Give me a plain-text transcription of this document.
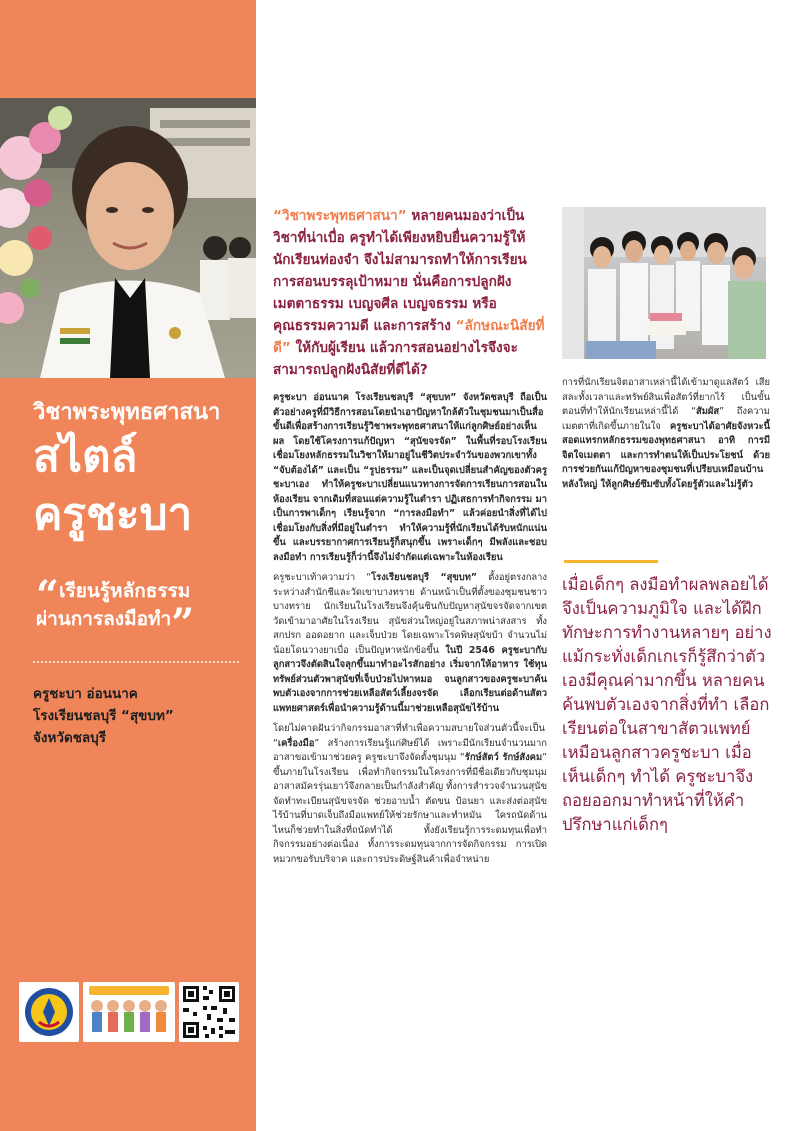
วิชาพระพุทธศาสนา
สไตล์
ครูชะบา
“เรียนรู้หลักธรรม
ผ่านการลงมือทำ”
ครูชะบา อ่อนนาค
โรงเรียนชลบุรี “สุขบท”
จังหวัดชลบุรี
“วิชาพระพุทธศาสนา” หลายคนมองว่าเป็นวิชาที่น่าเบื่อ ครูทำได้เพียงหยิบยื่นความรู้ให้นักเรียนท่องจำ จึงไม่สามารถทำให้การเรียนการสอนบรรลุเป้าหมาย นั่นคือการปลูกฝังเมตตาธรรม เบญจศีล เบญจธรรม หรือคุณธรรมความดี และการสร้าง “ลักษณะนิสัยที่ดี” ให้กับผู้เรียน แล้วการสอนอย่างไรจึงจะสามารถปลูกฝังนิสัยที่ดีได้?

ครูชะบา อ่อนนาค โรงเรียนชลบุรี “สุขบท” จังหวัดชลบุรี ถือเป็นตัวอย่างครูที่มีวิธีการสอนโดยนำเอาปัญหาใกล้ตัวในชุมชนมาเป็นสื่อขั้นดีเพื่อสร้างการเรียนรู้วิชาพระพุทธศาสนาให้แก่ลูกศิษย์อย่างเห็นผล โดยใช้โครงการแก้ปัญหา “สุนัขจรจัด” ในพื้นที่รอบโรงเรียน เชื่อมโยงหลักธรรมในวิชาให้มาอยู่ในชีวิตประจำวันของพวกเขาทั้ง “จับต้องได้” และเป็น “รูปธรรม” และเป็นจุดเปลี่ยนสำคัญของตัวครูชะบาเอง ทำให้ครูชะบาเปลี่ยนแนวทางการจัดการเรียนการสอนในห้องเรียน จากเดิมที่สอนแต่ความรู้ในตำรา ปฏิเสธการทำกิจกรรม มาเป็นการพาเด็กๆ เรียนรู้จาก “การลงมือทำ” แล้วค่อยนำสิ่งที่ได้ไปเชื่อมโยงกับสิ่งที่มีอยู่ในตำรา ทำให้ความรู้ที่นักเรียนได้รับหนักแน่นขึ้น และบรรยากาศการเรียนรู้ก็สนุกขึ้น เพราะเด็กๆ มีพลังและชอบลงมือทำ การเรียนรู้ก็ว่านี้จึงไม่จำกัดแต่เฉพาะในห้องเรียน

ครูชะบาเท้าความว่า “โรงเรียนชลบุรี “สุขบท” ตั้งอยู่ตรงกลางระหว่างสำนักชีและวัดเขาบางทราย ด้านหน้าเป็นที่ตั้งของชุมชนชาวบางทราย นักเรียนในโรงเรียนจึงคุ้นชินกับปัญหาสุนัขจรจัดจากเขตวัดเข้ามาอาศัยในโรงเรียน สุนัขส่วนใหญ่อยู่ในสภาพน่าสงสาร ทั้งสกปรก ออดอยาก และเจ็บป่วย โดยเฉพาะโรคพิษสุนัขบ้า จำนวนไม่น้อยโดนวางยาเบื่อ เป็นปัญหาหนักข้อขึ้น ในปี 2546 ครูชะบากับลูกสาวจึงตัดสินใจลุกขึ้นมาทำอะไรสักอย่าง เริ่มจากให้อาหาร ใช้ทุนทรัพย์ส่วนตัวพาสุนัขที่เจ็บป่วยไปหาหมอ จนลูกสาวของครูชะบาค้นพบตัวเองจากการช่วยเหลือสัตว์เลี้ยงจรจัด เลือกเรียนต่อด้านสัตวแพทยศาสตร์เพื่อนำความรู้ด้านนี้มาช่วยเหลือสุนัขไร้บ้าน

โดยไม่คาดฝันว่ากิจกรรมอาสาที่ทำเพื่อความสบายใจส่วนตัวนี้จะเป็น “เครื่องมือ” สร้างการเรียนรู้แก่ศิษย์ได้ เพราะมีนักเรียนจำนวนมากอาสาขอเข้ามาช่วยครู ครูชะบาจึงจัดตั้งชุมนุม “รักษ์สัตว์ รักษ์สังคม” ขึ้นภายในโรงเรียน เพื่อทำกิจกรรมในโครงการที่มีชื่อเดียวกับชุมนุม อาสาสมัครรุ่นเยาว์จึงกลายเป็นกำลังสำคัญ ทั้งการสำรวจจำนวนสุนัข จัดทำทะเบียนสุนัขจรจัด ช่วยอาบน้ำ ตัดขน ป้อนยา และส่งต่อสุนัขไร้บ้านที่บาดเจ็บถึงมือแพทย์ให้ช่วยรักษาและทำหมัน ใครถนัดด้านไหนก็ช่วยทำในสิ่งที่ถนัดทำได้ ทั้งยังเรียนรู้การระดมทุนเพื่อทำกิจกรรมอย่างต่อเนื่อง ทั้งการระดมทุนจากการจัดกิจกรรม การเปิดหมวกขอรับบริจาค และการประดิษฐ์สินค้าเพื่อจำหน่าย

การที่นักเรียนจิตอาสาเหล่านี้ได้เข้ามาดูแลสัตว์ เสียสละทั้งเวลาและทรัพย์สินเพื่อสัตว์ที่ยากไร้ เป็นขั้นตอนที่ทำให้นักเรียนเหล่านี้ได้ “สัมผัส” ถึงความเมตตาที่เกิดขึ้นภายในใจ ครูชะบาได้อาศัยจังหวะนี้สอดแทรกหลักธรรมของพุทธศาสนา อาทิ การมีจิตใจเมตตา และการทำตนให้เป็นประโยชน์ ด้วยการช่วยกันแก้ปัญหาของชุมชนที่เปรียบเหมือนบ้านหลังใหญ่ ให้ลูกศิษย์ซึมซับทั้งโดยรู้ตัวและไม่รู้ตัว

เมื่อเด็กๆ ลงมือทำผลพลอยได้จึงเป็นความภูมิใจ และได้ฝึกทักษะการทำงานหลายๆ อย่าง แม้กระทั่งเด็กเกเรก็รู้สึกว่าตัวเองมีคุณค่ามากขึ้น หลายคนค้นพบตัวเองจากสิ่งที่ทำ เลือกเรียนต่อในสาขาสัตวแพทย์เหมือนลูกสาวครูชะบา เมื่อเห็นเด็กๆ ทำได้ ครูชะบาจึงถอยออกมาทำหน้าที่ให้คำปรึกษาแก่เด็กๆ
